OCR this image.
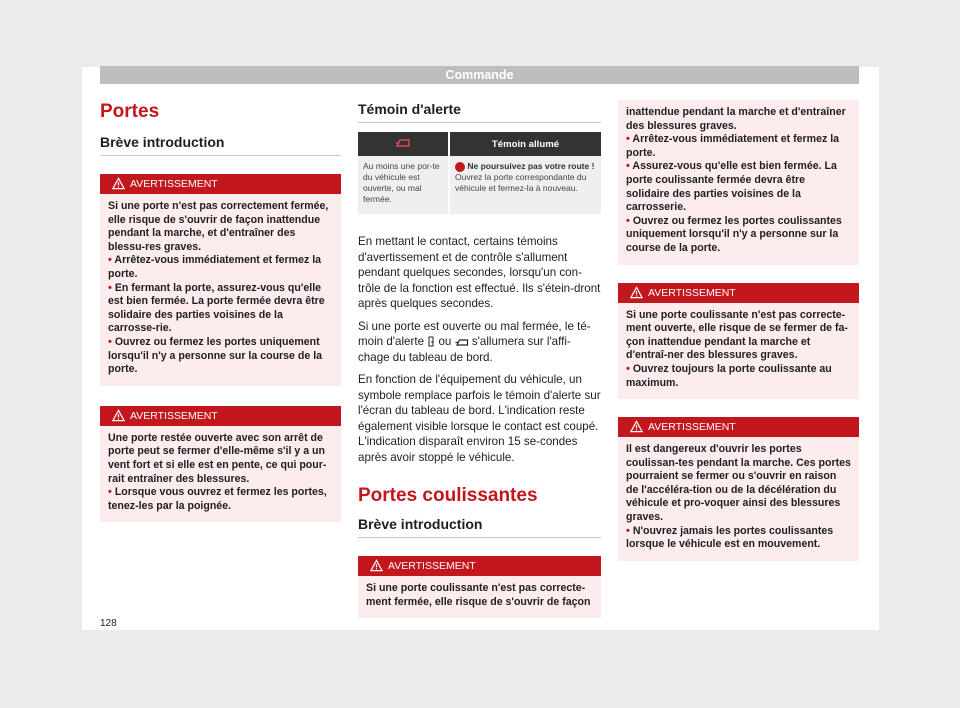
Commande
Portes
Brève introduction
AVERTISSEMENT

Si une porte n'est pas correctement fermée, elle risque de s'ouvrir de façon inattendue pendant la marche, et d'entraîner des blessu-res graves.

• Arrêtez-vous immédiatement et fermez la porte.

• En fermant la porte, assurez-vous qu'elle est bien fermée. La porte fermée devra être solidaire des parties voisines de la carrosse-rie.

• Ouvrez ou fermez les portes uniquement lorsqu'il n'y a personne sur la course de la porte.

AVERTISSEMENT

Une porte restée ouverte avec son arrêt de porte peut se fermer d'elle-même s'il y a un vent fort et si elle est en pente, ce qui pour-rait entraîner des blessures.

• Lorsque vous ouvrez et fermez les portes, tenez-les par la poignée.

Témoin d'alerte
	Témoin allumé
Au moins une por-te du véhicule est ouverte, ou mal fermée.	Ne poursuivez pas votre route !
Ouvrez la porte correspondante du véhicule et fermez-la à nouveau.

En mettant le contact, certains témoins d'avertissement et de contrôle s'allument pendant quelques secondes, lorsqu'un con-trôle de la fonction est effectué. Ils s'étein-dront après quelques secondes.

Si une porte est ouverte ou mal fermée, le té-moin d'alerte ou s'allumera sur l'affi-chage du tableau de bord.

En fonction de l'équipement du véhicule, un symbole remplace parfois le témoin d'alerte sur l'écran du tableau de bord. L'indication reste également visible lorsque le contact est coupé. L'indication disparaît environ 15 se-condes après avoir stoppé le véhicule.

Portes coulissantes
Brève introduction
AVERTISSEMENT

Si une porte coulissante n'est pas correcte-ment fermée, elle risque de s'ouvrir de façon

inattendue pendant la marche et d'entraîner des blessures graves.

• Arrêtez-vous immédiatement et fermez la porte.

• Assurez-vous qu'elle est bien fermée. La porte coulissante fermée devra être solidaire des parties voisines de la carrosserie.

• Ouvrez ou fermez les portes coulissantes uniquement lorsqu'il n'y a personne sur la course de la porte.

AVERTISSEMENT

Si une porte coulissante n'est pas correcte-ment ouverte, elle risque de se fermer de fa-çon inattendue pendant la marche et d'entraî-ner des blessures graves.

• Ouvrez toujours la porte coulissante au maximum.

AVERTISSEMENT

Il est dangereux d'ouvrir les portes coulissan-tes pendant la marche. Ces portes pourraient se fermer ou s'ouvrir en raison de l'accéléra-tion ou de la décélération du véhicule et pro-voquer ainsi des blessures graves.

• N'ouvrez jamais les portes coulissantes lorsque le véhicule est en mouvement.

128
